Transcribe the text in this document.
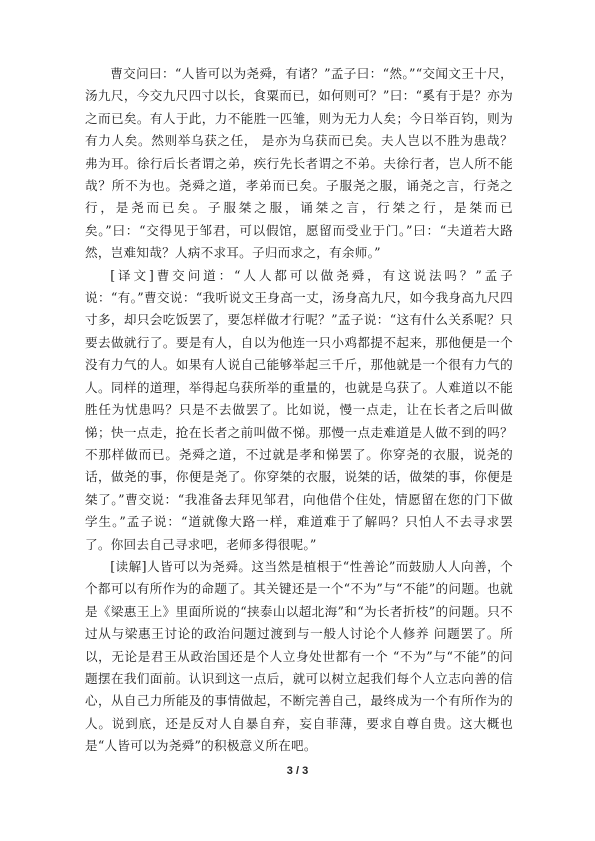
曹交问曰：“人皆可以为尧舜，有诸？”孟子曰：“然。”“交闻文王十尺，汤九尺，今交九尺四寸以长，食粟而已，如何则可？”曰：“奚有于是？亦为之而已矣。有人于此，力不能胜一匹雏，则为无力人矣；今日举百钧，则为有力人矣。然则举乌获之任， 是亦为乌获而已矣。夫人岂以不胜为患哉？弗为耳。徐行后长者谓之弟，疾行先长者谓之不弟。夫徐行者，岂人所不能哉？所不为也。尧舜之道，孝弟而已矣。子服尧之服，诵尧之言，行尧之行，是尧而已矣。子服桀之服，诵桀之言，行桀之行，是桀而已矣。”曰：“交得见于邹君，可以假馆，愿留而受业于门。”曰：“夫道若大路然，岂难知哉？人病不求耳。子归而求之，有余师。”

[译文]曹交问道：“人人都可以做尧舜，有这说法吗？”孟子说：“有。”曹交说：“我听说文王身高一丈，汤身高九尺，如今我身高九尺四寸多，却只会吃饭罢了，要怎样做才行呢？”孟子说：“这有什么关系呢？只要去做就行了。要是有人，自以为他连一只小鸡都提不起来，那他便是一个没有力气的人。如果有人说自己能够举起三千斤，那他就是一个很有力气的人。同样的道理，举得起乌获所举的重量的，也就是乌获了。人难道以不能胜任为忧患吗？只是不去做罢了。比如说，慢一点走，让在长者之后叫做悌；快一点走，抢在长者之前叫做不悌。那慢一点走难道是人做不到的吗？不那样做而已。尧舜之道，不过就是孝和悌罢了。你穿尧的衣服，说尧的话，做尧的事，你便是尧了。你穿桀的衣服，说桀的话，做桀的事，你便是桀了。”曹交说：“我准备去拜见邹君，向他借个住处，情愿留在您的门下做学生。”孟子说：“道就像大路一样，难道难于了解吗？只怕人不去寻求罢了。你回去自己寻求吧，老师多得很呢。”

[读解]人皆可以为尧舜。这当然是植根于“性善论”而鼓励人人向善，个个都可以有所作为的命题了。其关键还是一个“不为”与“不能”的问题。也就是《梁惠王上》里面所说的“挟泰山以超北海”和“为长者折枝”的问题。只不过从与梁惠王讨论的政治问题过渡到与一般人讨论个人修养 问题罢了。所以，无论是君王从政治国还是个人立身处世都有一个 “不为”与“不能”的问题摆在我们面前。认识到这一点后，就可以树立起我们每个人立志向善的信心，从自己力所能及的事情做起，不断完善自己，最终成为一个有所作为的人。说到底，还是反对人自暴自弃，妄自菲薄，要求自尊自贵。这大概也是“人皆可以为尧舜”的积极意义所在吧。

3 / 3
